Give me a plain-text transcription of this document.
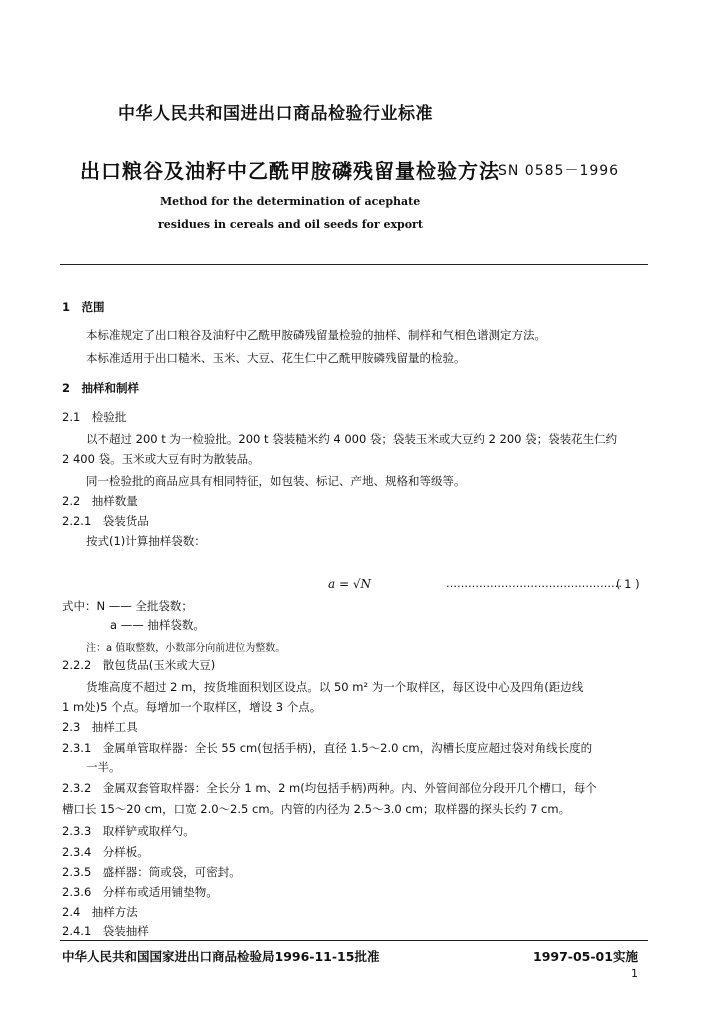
中华人民共和国进出口商品检验行业标准
出口粮谷及油籽中乙酰甲胺磷残留量检验方法
SN 0585－1996
Method for the determination of acephate
residues in cereals and oil seeds for export
1　范围
本标准规定了出口粮谷及油籽中乙酰甲胺磷残留量检验的抽样、制样和气相色谱测定方法。
本标准适用于出口糙米、玉米、大豆、花生仁中乙酰甲胺磷残留量的检验。
2　抽样和制样
2.1　检验批
以不超过 200 t 为一检验批。200 t 袋装糙米约 4 000 袋；袋装玉米或大豆约 2 200 袋；袋装花生仁约
2 400 袋。玉米或大豆有时为散装品。
同一检验批的商品应具有相同特征，如包装、标记、产地、规格和等级等。
2.2　抽样数量
2.2.1　袋装货品
按式(1)计算抽样袋数：
a = √N	…………………………………………
( 1 )
式中：N —— 全批袋数；
a —— 抽样袋数。
注：a 值取整数，小数部分向前进位为整数。
2.2.2　散包货品(玉米或大豆)
货堆高度不超过 2 m，按货堆面积划区设点。以 50 m² 为一个取样区，每区设中心及四角(距边线
1 m处)5 个点。每增加一个取样区，增设 3 个点。
2.3　抽样工具
2.3.1　金属单管取样器：全长 55 cm(包括手柄)，直径 1.5～2.0 cm，沟槽长度应超过袋对角线长度的
一半。
2.3.2　金属双套管取样器：全长分 1 m、2 m(均包括手柄)两种。内、外管间部位分段开几个槽口，每个
槽口长 15～20 cm，口宽 2.0～2.5 cm。内管的内径为 2.5～3.0 cm；取样器的探头长约 7 cm。
2.3.3　取样铲或取样勺。
2.3.4　分样板。
2.3.5　盛样器：筒或袋，可密封。
2.3.6　分样布或适用铺垫物。
2.4　抽样方法
2.4.1　袋装抽样
中华人民共和国国家进出口商品检验局1996-11-15批准	1997-05-01实施
1
